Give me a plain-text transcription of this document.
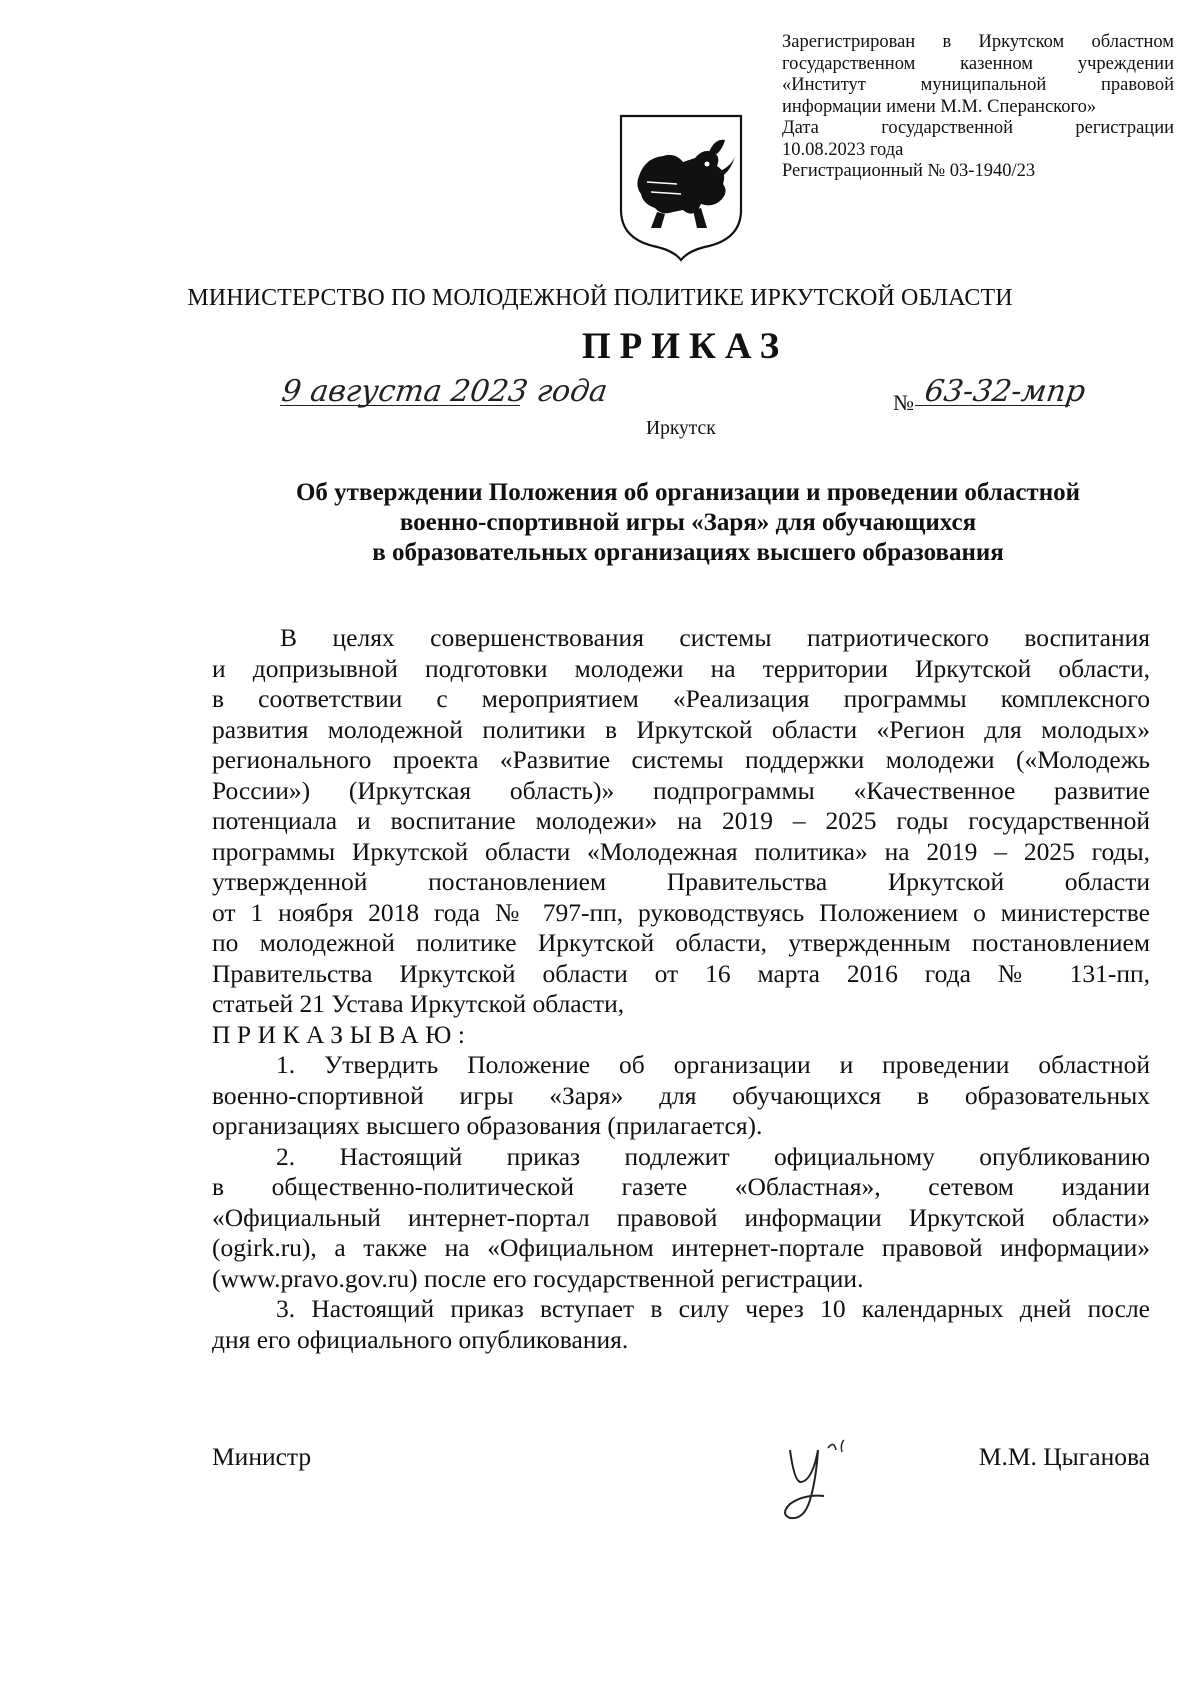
Зарегистрирован в Иркутском областном
государственном казенном учреждении
«Институт муниципальной правовой
информации имени М.М. Сперанского»
Дата государственной регистрации
10.08.2023 года
Регистрационный № 03-1940/23
МИНИСТЕРСТВО ПО МОЛОДЕЖНОЙ ПОЛИТИКЕ ИРКУТСКОЙ ОБЛАСТИ
ПРИКАЗ
9 августа 2023 года	№ 63-32-мпр
Иркутск
Об утверждении Положения об организации и проведении областной
военно-спортивной игры «Заря» для обучающихся
в образовательных организациях высшего образования
В целях совершенствования системы патриотического воспитания
и допризывной подготовки молодежи на территории Иркутской области,
в соответствии с мероприятием «Реализация программы комплексного
развития молодежной политики в Иркутской области «Регион для молодых»
регионального проекта «Развитие системы поддержки молодежи («Молодежь
России») (Иркутская область)» подпрограммы «Качественное развитие
потенциала и воспитание молодежи» на 2019 – 2025 годы государственной
программы Иркутской области «Молодежная политика» на 2019 – 2025 годы,
утвержденной постановлением Правительства Иркутской области
от 1 ноября 2018 года № 797-пп, руководствуясь Положением о министерстве
по молодежной политике Иркутской области, утвержденным постановлением
Правительства Иркутской области от 16 марта 2016 года № 131-пп,
статьей 21 Устава Иркутской области,
ПРИКАЗЫВАЮ:
1. Утвердить Положение об организации и проведении областной
военно-спортивной игры «Заря» для обучающихся в образовательных
организациях высшего образования (прилагается).
2. Настоящий приказ подлежит официальному опубликованию
в общественно-политической газете «Областная», сетевом издании
«Официальный интернет-портал правовой информации Иркутской области»
(ogirk.ru), а также на «Официальном интернет-портале правовой информации»
(www.pravo.gov.ru) после его государственной регистрации.
3. Настоящий приказ вступает в силу через 10 календарных дней после
дня его официального опубликования.
Министр	М.М. Цыганова
